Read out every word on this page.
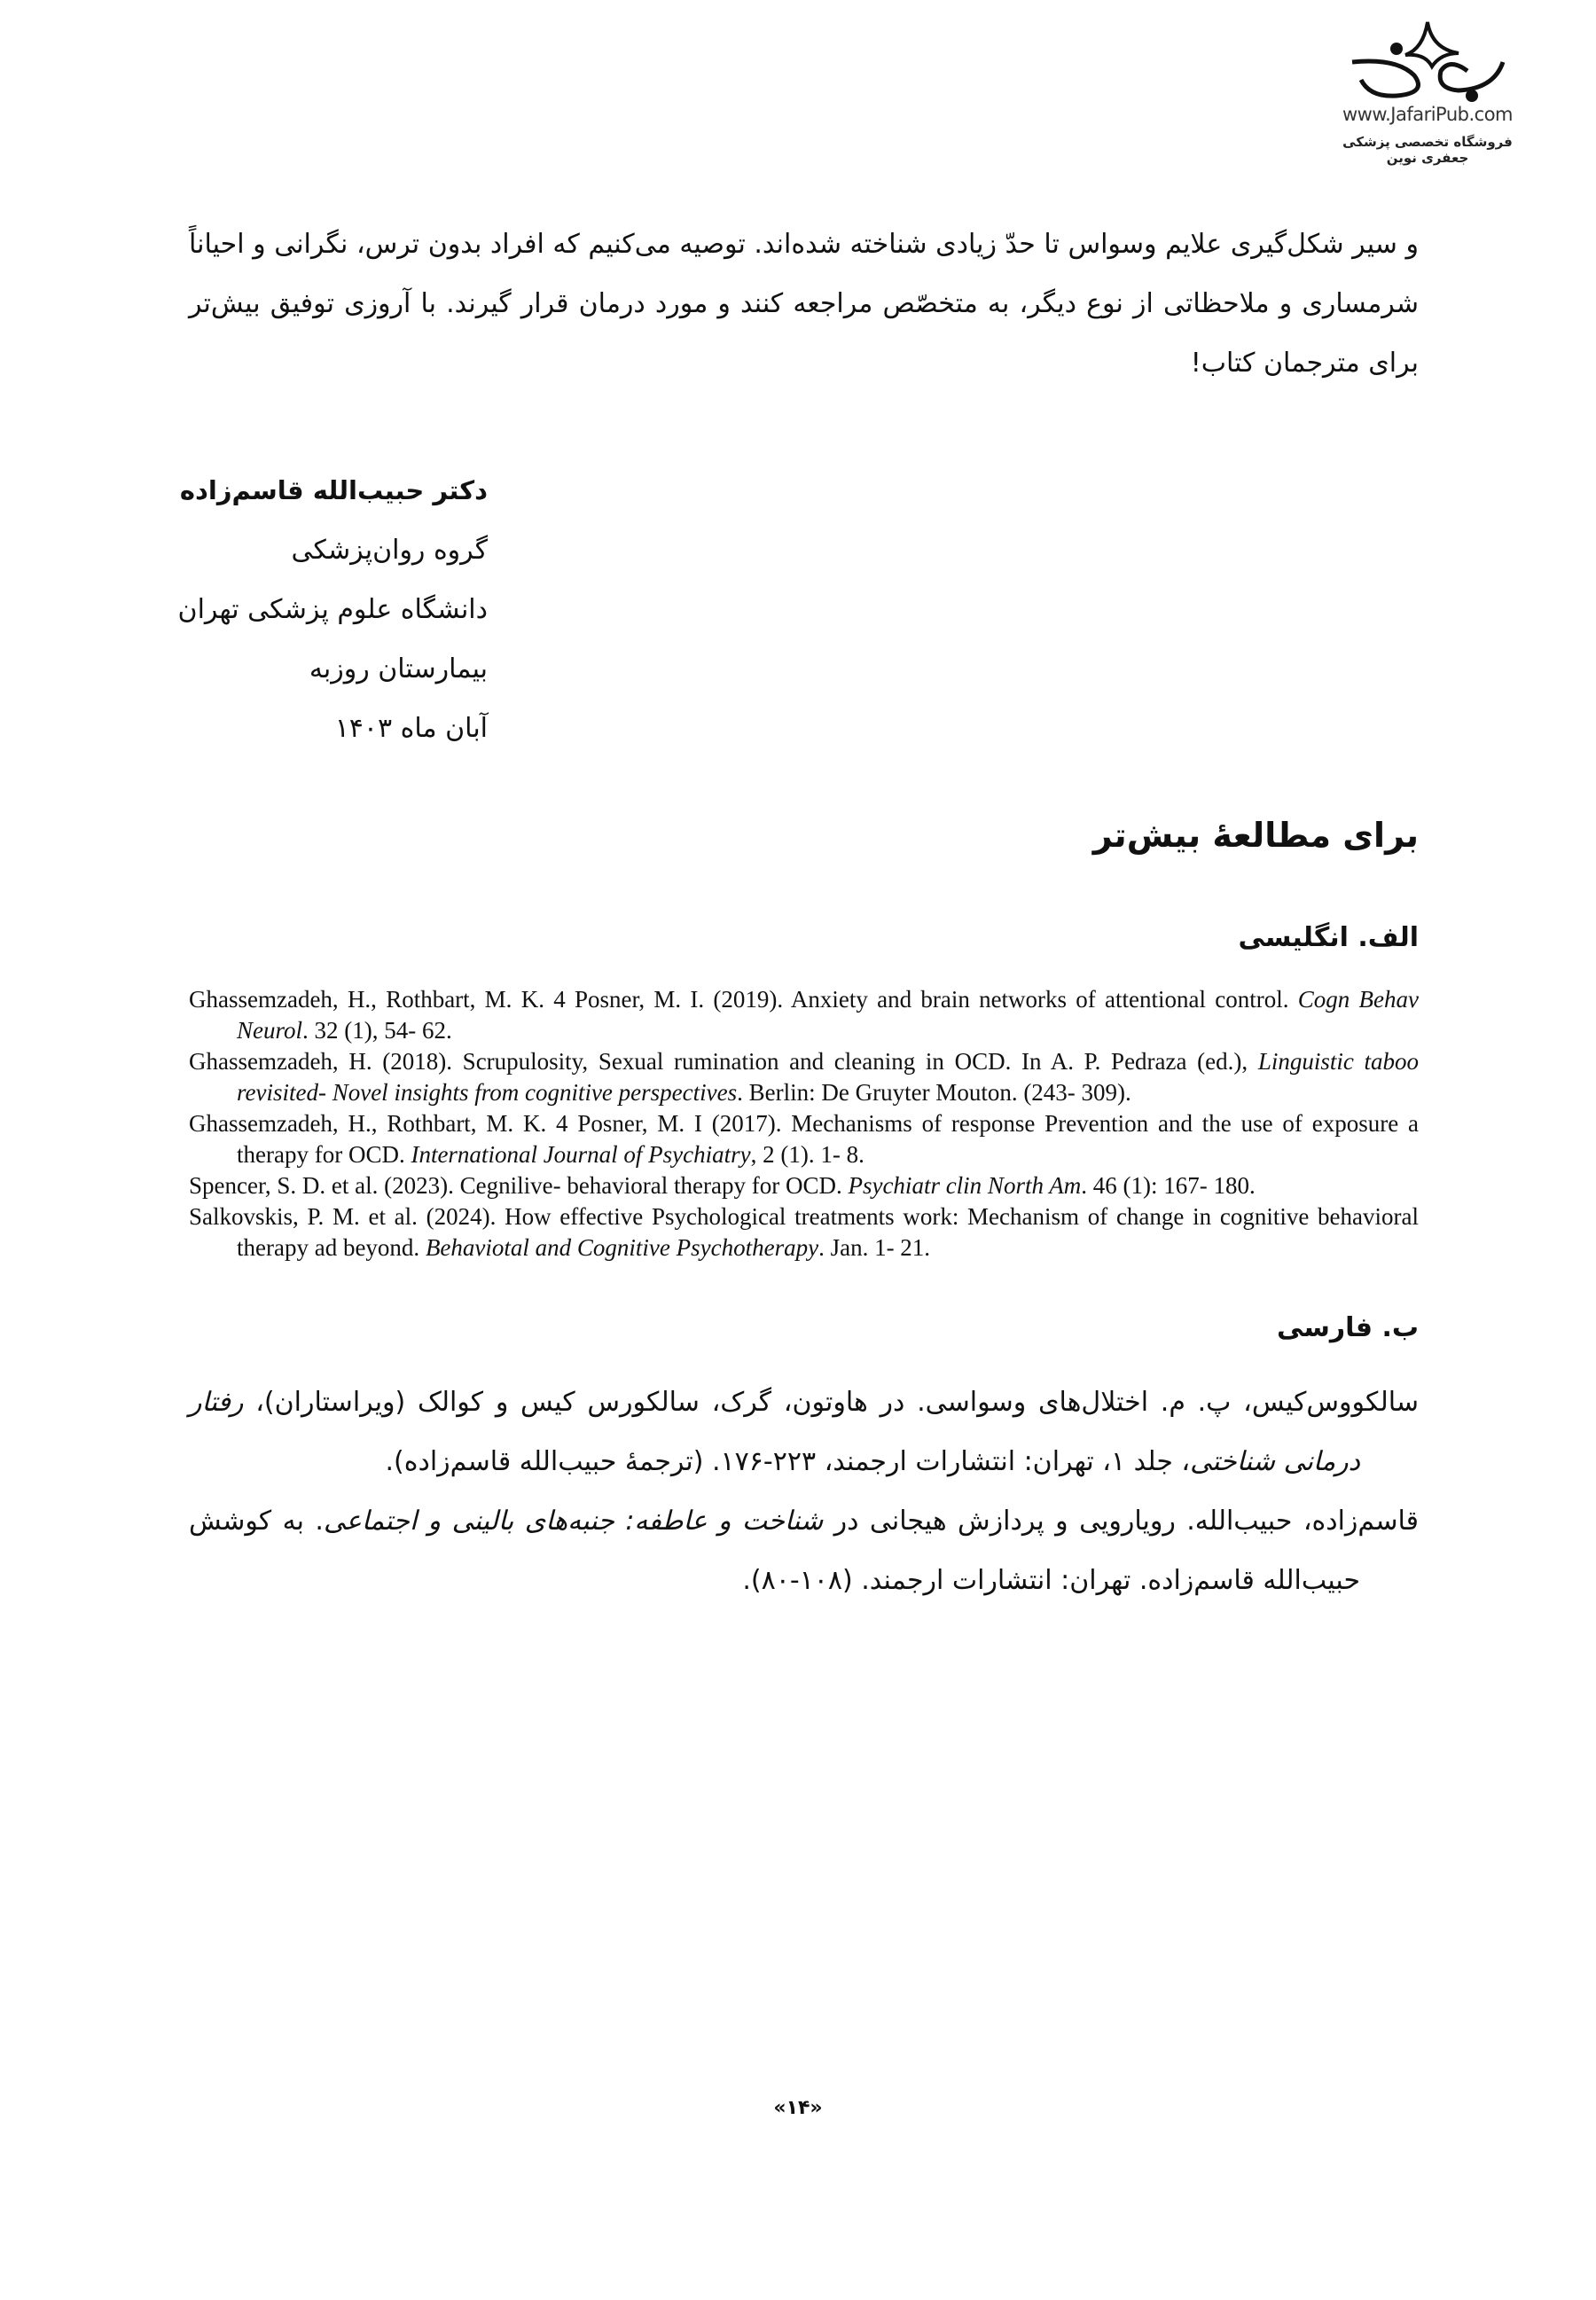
www.JafariPub.com
فروشگاه تخصصی پزشکی جعفری نوین

و سیر شکل‌گیری علایم وسواس تا حدّ زیادی شناخته شده‌اند. توصیه می‌کنیم که افراد بدون ترس، نگرانی و احیاناً شرمساری و ملاحظاتی از نوع دیگر، به متخصّص مراجعه کنند و مورد درمان قرار گیرند. با آروزی توفیق بیش‌تر برای مترجمان کتاب!

دکتر حبیب‌الله قاسم‌زاده
گروه روان‌پزشکی
دانشگاه علوم پزشکی تهران
بیمارستان روزبه
آبان ماه ۱۴۰۳
برای مطالعهٔ بیش‌تر
الف. انگلیسی
Ghassemzadeh, H., Rothbart, M. K. 4 Posner, M. I. (2019). Anxiety and brain networks of attentional control. Cogn Behav Neurol. 32 (1), 54- 62.
Ghassemzadeh, H. (2018). Scrupulosity, Sexual rumination and cleaning in OCD. In A. P. Pedraza (ed.), Linguistic taboo revisited- Novel insights from cognitive perspectives. Berlin: De Gruyter Mouton. (243- 309).
Ghassemzadeh, H., Rothbart, M. K. 4 Posner, M. I (2017). Mechanisms of response Prevention and the use of exposure a therapy for OCD. International Journal of Psychiatry, 2 (1). 1- 8.
Spencer, S. D. et al. (2023). Cegnilive- behavioral therapy for OCD. Psychiatr clin North Am. 46 (1): 167- 180.
Salkovskis, P. M. et al. (2024). How effective Psychological treatments work: Mechanism of change in cognitive behavioral therapy ad beyond. Behaviotal and Cognitive Psychotherapy. Jan. 1- 21.
ب. فارسی
سالکووس‌کیس، پ. م. اختلال‌های وسواسی. در هاوتون، گرک، سالکورس کیس و کوالک (ویراستاران)، رفتار درمانی شناختی، جلد ۱، تهران: انتشارات ارجمند، ۲۲۳-۱۷۶. (ترجمهٔ حبیب‌الله قاسم‌زاده).
قاسم‌زاده، حبیب‌الله. رویارویی و پردازش هیجانی در شناخت و عاطفه: جنبه‌های بالینی و اجتماعی. به کوشش حبیب‌الله قاسم‌زاده. تهران: انتشارات ارجمند. (۱۰۸-۸۰).
«۱۴»
